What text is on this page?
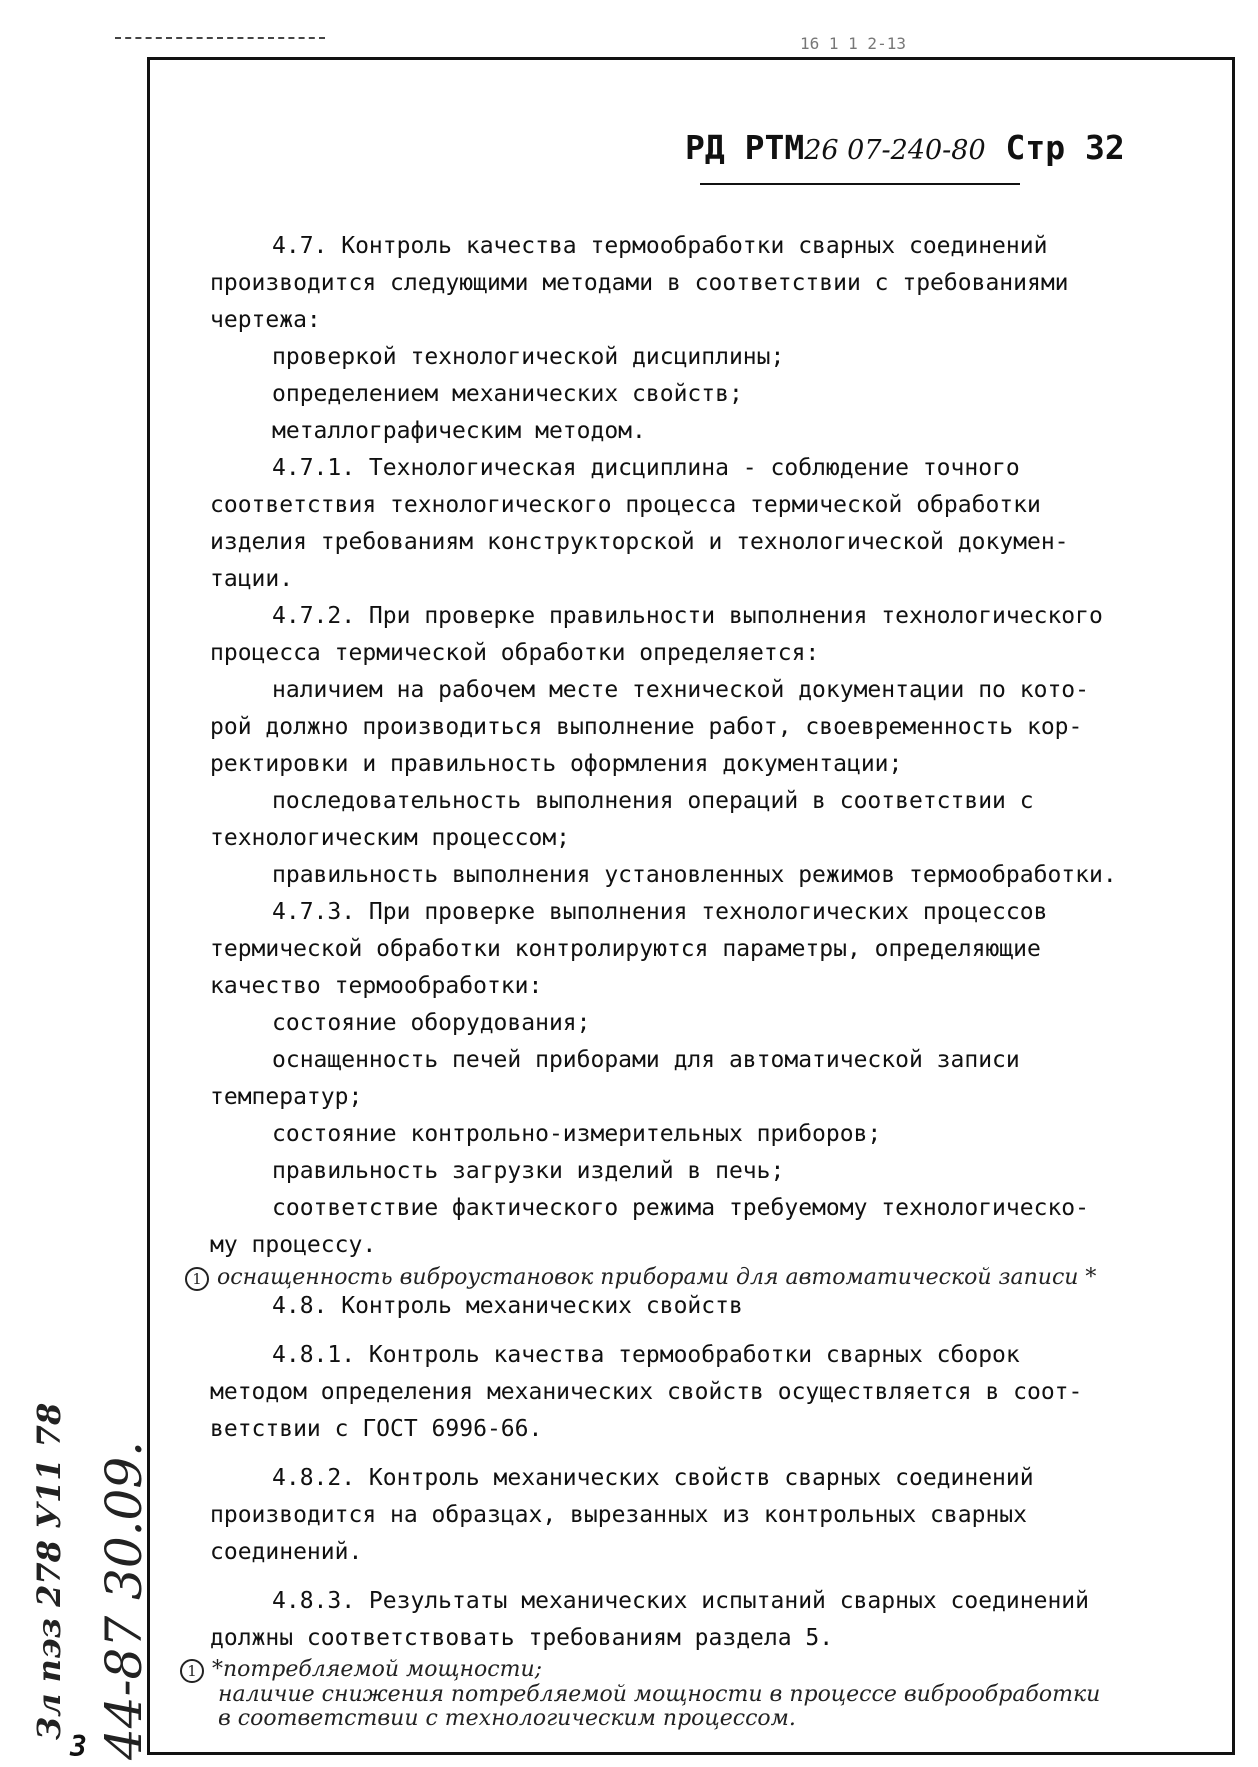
16 1 1 2-13
РД РТМ26 07-240-80 Стр 32
4.7. Контроль качества термообработки сварных соединений
производится следующими методами в соответствии с требованиями
чертежа:
проверкой технологической дисциплины;
определением механических свойств;
металлографическим методом.
4.7.1. Технологическая дисциплина - соблюдение точного
соответствия технологического процесса термической обработки
изделия требованиям конструкторской и технологической докумен-
тации.
4.7.2. При проверке правильности выполнения технологического
процесса термической обработки определяется:
наличием на рабочем месте технической документации по кото-
рой должно производиться выполнение работ, своевременность кор-
ректировки и правильность оформления документации;
последовательность выполнения операций в соответствии с
технологическим процессом;
правильность выполнения установленных режимов термообработки.
4.7.3. При проверке выполнения технологических процессов
термической обработки контролируются параметры, определяющие
качество термообработки:
состояние оборудования;
оснащенность печей приборами для автоматической записи
температур;
состояние контрольно-измерительных приборов;
правильность загрузки изделий в печь;
соответствие фактического режима требуемому технологическо-
му процессу.
4.8. Контроль механических свойств
4.8.1. Контроль качества термообработки сварных сборок
методом определения механических свойств осуществляется в соот-
ветствии с ГОСТ 6996-66.
4.8.2. Контроль механических свойств сварных соединений
производится на образцах, вырезанных из контрольных сварных
соединений.
4.8.3. Результаты механических испытаний сварных соединений
должны соответствовать требованиям раздела 5.
1 оснащенность виброустановок приборами для автоматической записи *
1 *потребляемой мощности;
наличие снижения потребляемой мощности в процессе виброобработки
в соответствии с технологическим процессом.
Зл пэз 278 У11 78 44-87 30.09.
3
